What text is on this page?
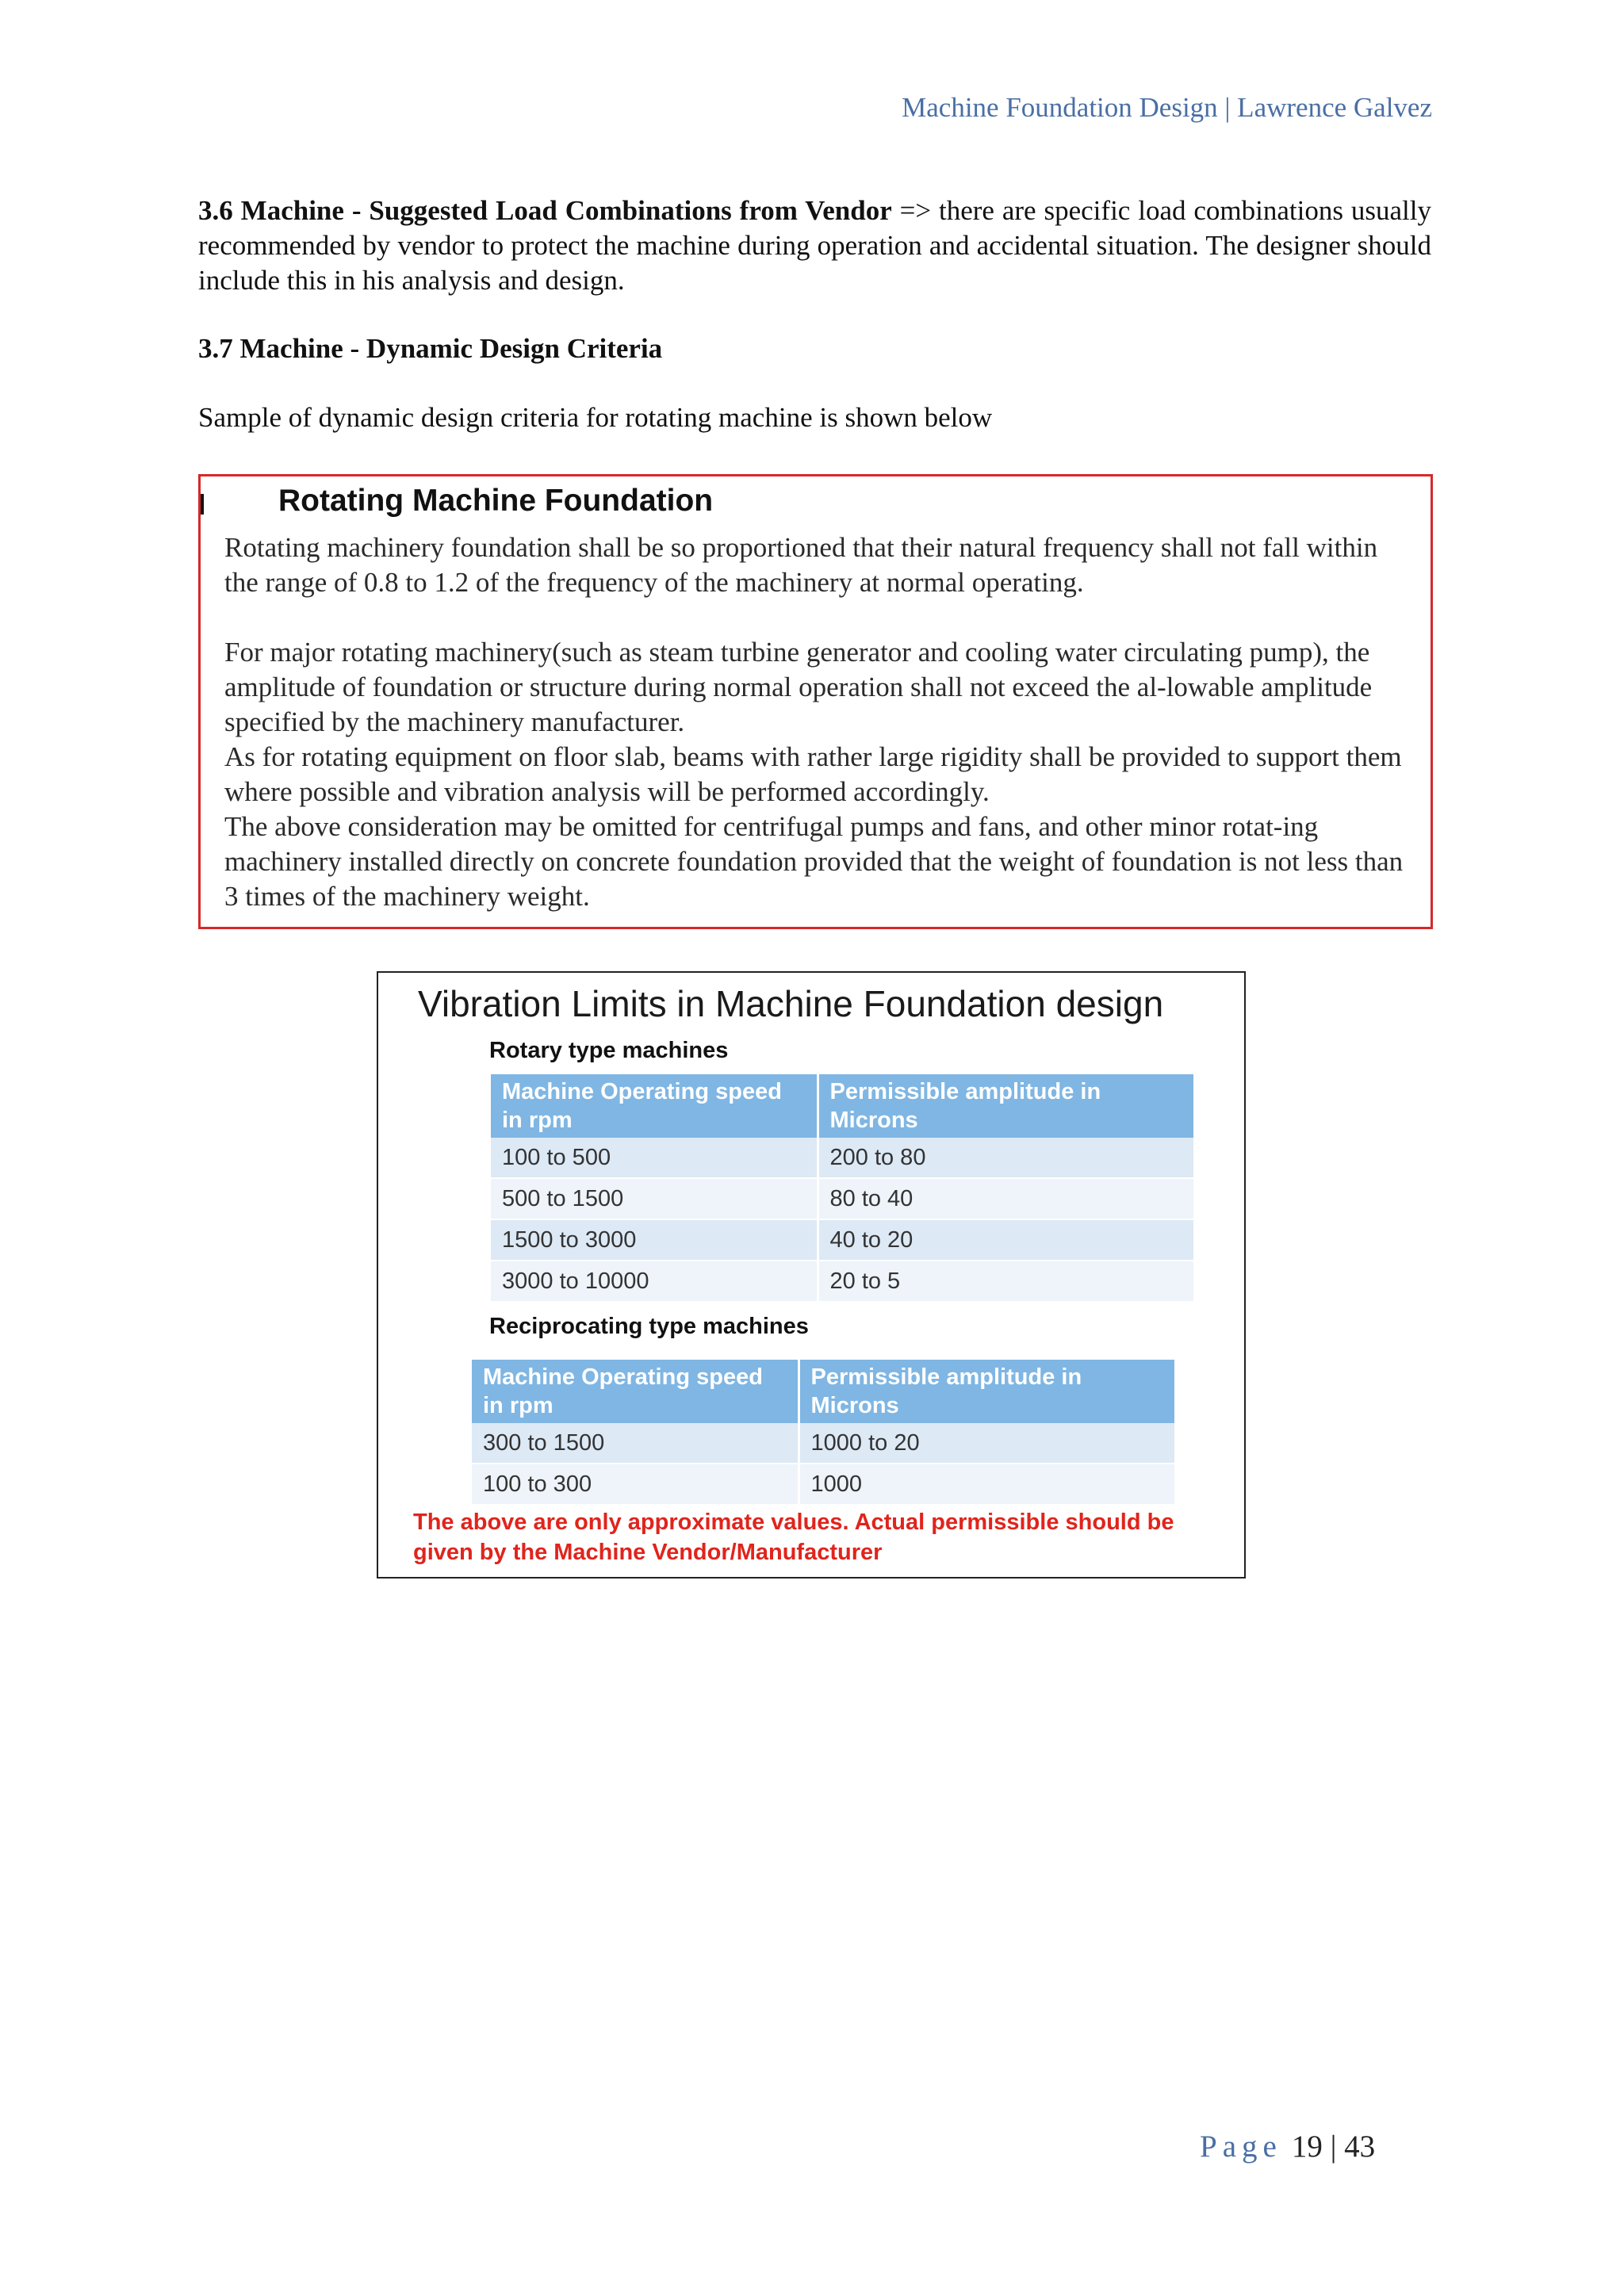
Machine Foundation Design | Lawrence Galvez
3.6 Machine - Suggested Load Combinations from Vendor => there are specific load combinations usually recommended by vendor to protect the machine during operation and accidental situation. The designer should include this in his analysis and design.
3.7 Machine - Dynamic Design Criteria
Sample of dynamic design criteria for rotating machine is shown below
Rotating Machine Foundation
Rotating machinery foundation shall be so proportioned that their natural frequency shall not fall within the range of 0.8 to 1.2 of the frequency of the machinery at normal operating.
For major rotating machinery(such as steam turbine generator and cooling water circulating pump), the amplitude of foundation or structure during normal operation shall not exceed the al-lowable amplitude specified by the machinery manufacturer.
As for rotating equipment on floor slab, beams with rather large rigidity shall be provided to support them where possible and vibration analysis will be performed accordingly.
The above consideration may be omitted for centrifugal pumps and fans, and other minor rotat-ing machinery installed directly on concrete foundation provided that the weight of foundation is not less than 3 times of the machinery weight.
Vibration Limits in Machine Foundation design
Rotary type machines
Machine Operating speed in rpm	Permissible amplitude in Microns
100 to 500	200 to 80
500 to 1500	80 to 40
1500 to 3000	40 to 20
3000 to 10000	20 to 5
Reciprocating type machines
Machine Operating speed in rpm	Permissible amplitude in Microns
300 to 1500	1000 to 20
100 to 300	1000
The above are only approximate values. Actual permissible should be given by the Machine Vendor/Manufacturer
Page 19 | 43
